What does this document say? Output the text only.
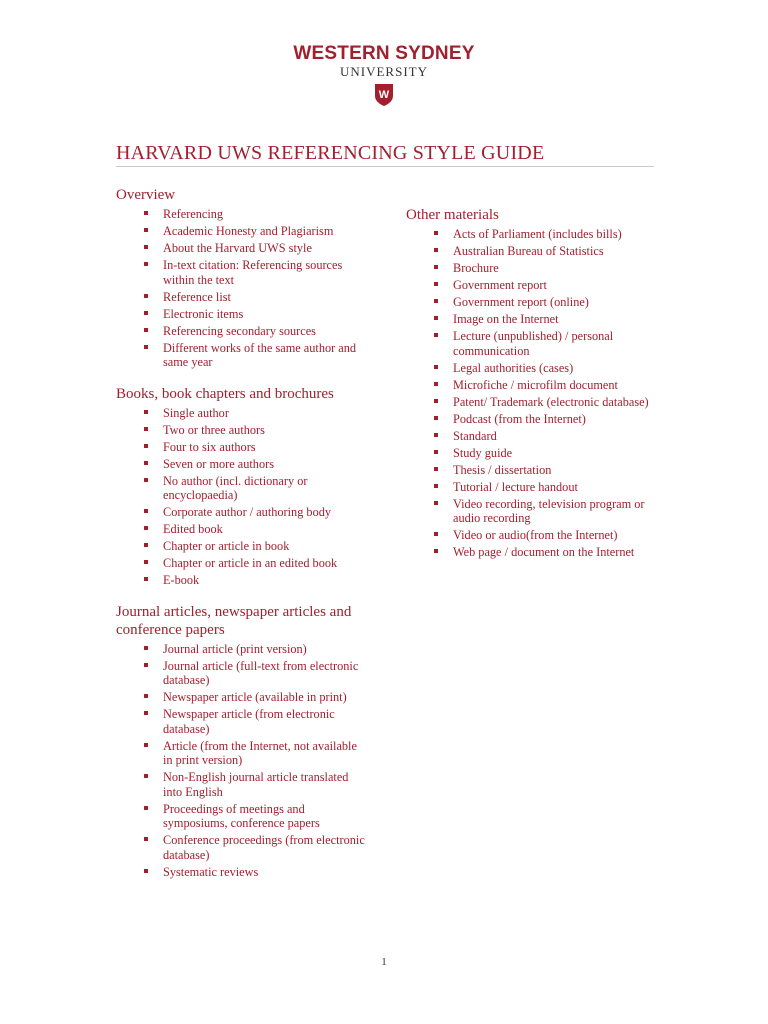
WESTERN SYDNEY
UNIVERSITY
W
HARVARD UWS REFERENCING STYLE GUIDE
Overview
Referencing
Academic Honesty and Plagiarism
About the Harvard UWS style
In-text citation: Referencing sources within the text
Reference list
Electronic items
Referencing secondary sources
Different works of the same author and same year
Books, book chapters and brochures
Single author
Two or three authors
Four to six authors
Seven or more authors
No author (incl. dictionary or encyclopaedia)
Corporate author / authoring body
Edited book
Chapter or article in book
Chapter or article in an edited book
E-book
Journal articles, newspaper articles and conference papers
Journal article (print version)
Journal article (full-text from electronic database)
Newspaper article (available in print)
Newspaper article (from electronic database)
Article (from the Internet, not available in print version)
Non-English journal article translated into English
Proceedings of meetings and symposiums, conference papers
Conference proceedings (from electronic database)
Systematic reviews
Other materials
Acts of Parliament (includes bills)
Australian Bureau of Statistics
Brochure
Government report
Government report (online)
Image on the Internet
Lecture (unpublished) / personal communication
Legal authorities (cases)
Microfiche / microfilm document
Patent/ Trademark (electronic database)
Podcast (from the Internet)
Standard
Study guide
Thesis / dissertation
Tutorial / lecture handout
Video recording, television program or audio recording
Video or audio(from the Internet)
Web page / document on the Internet
1
